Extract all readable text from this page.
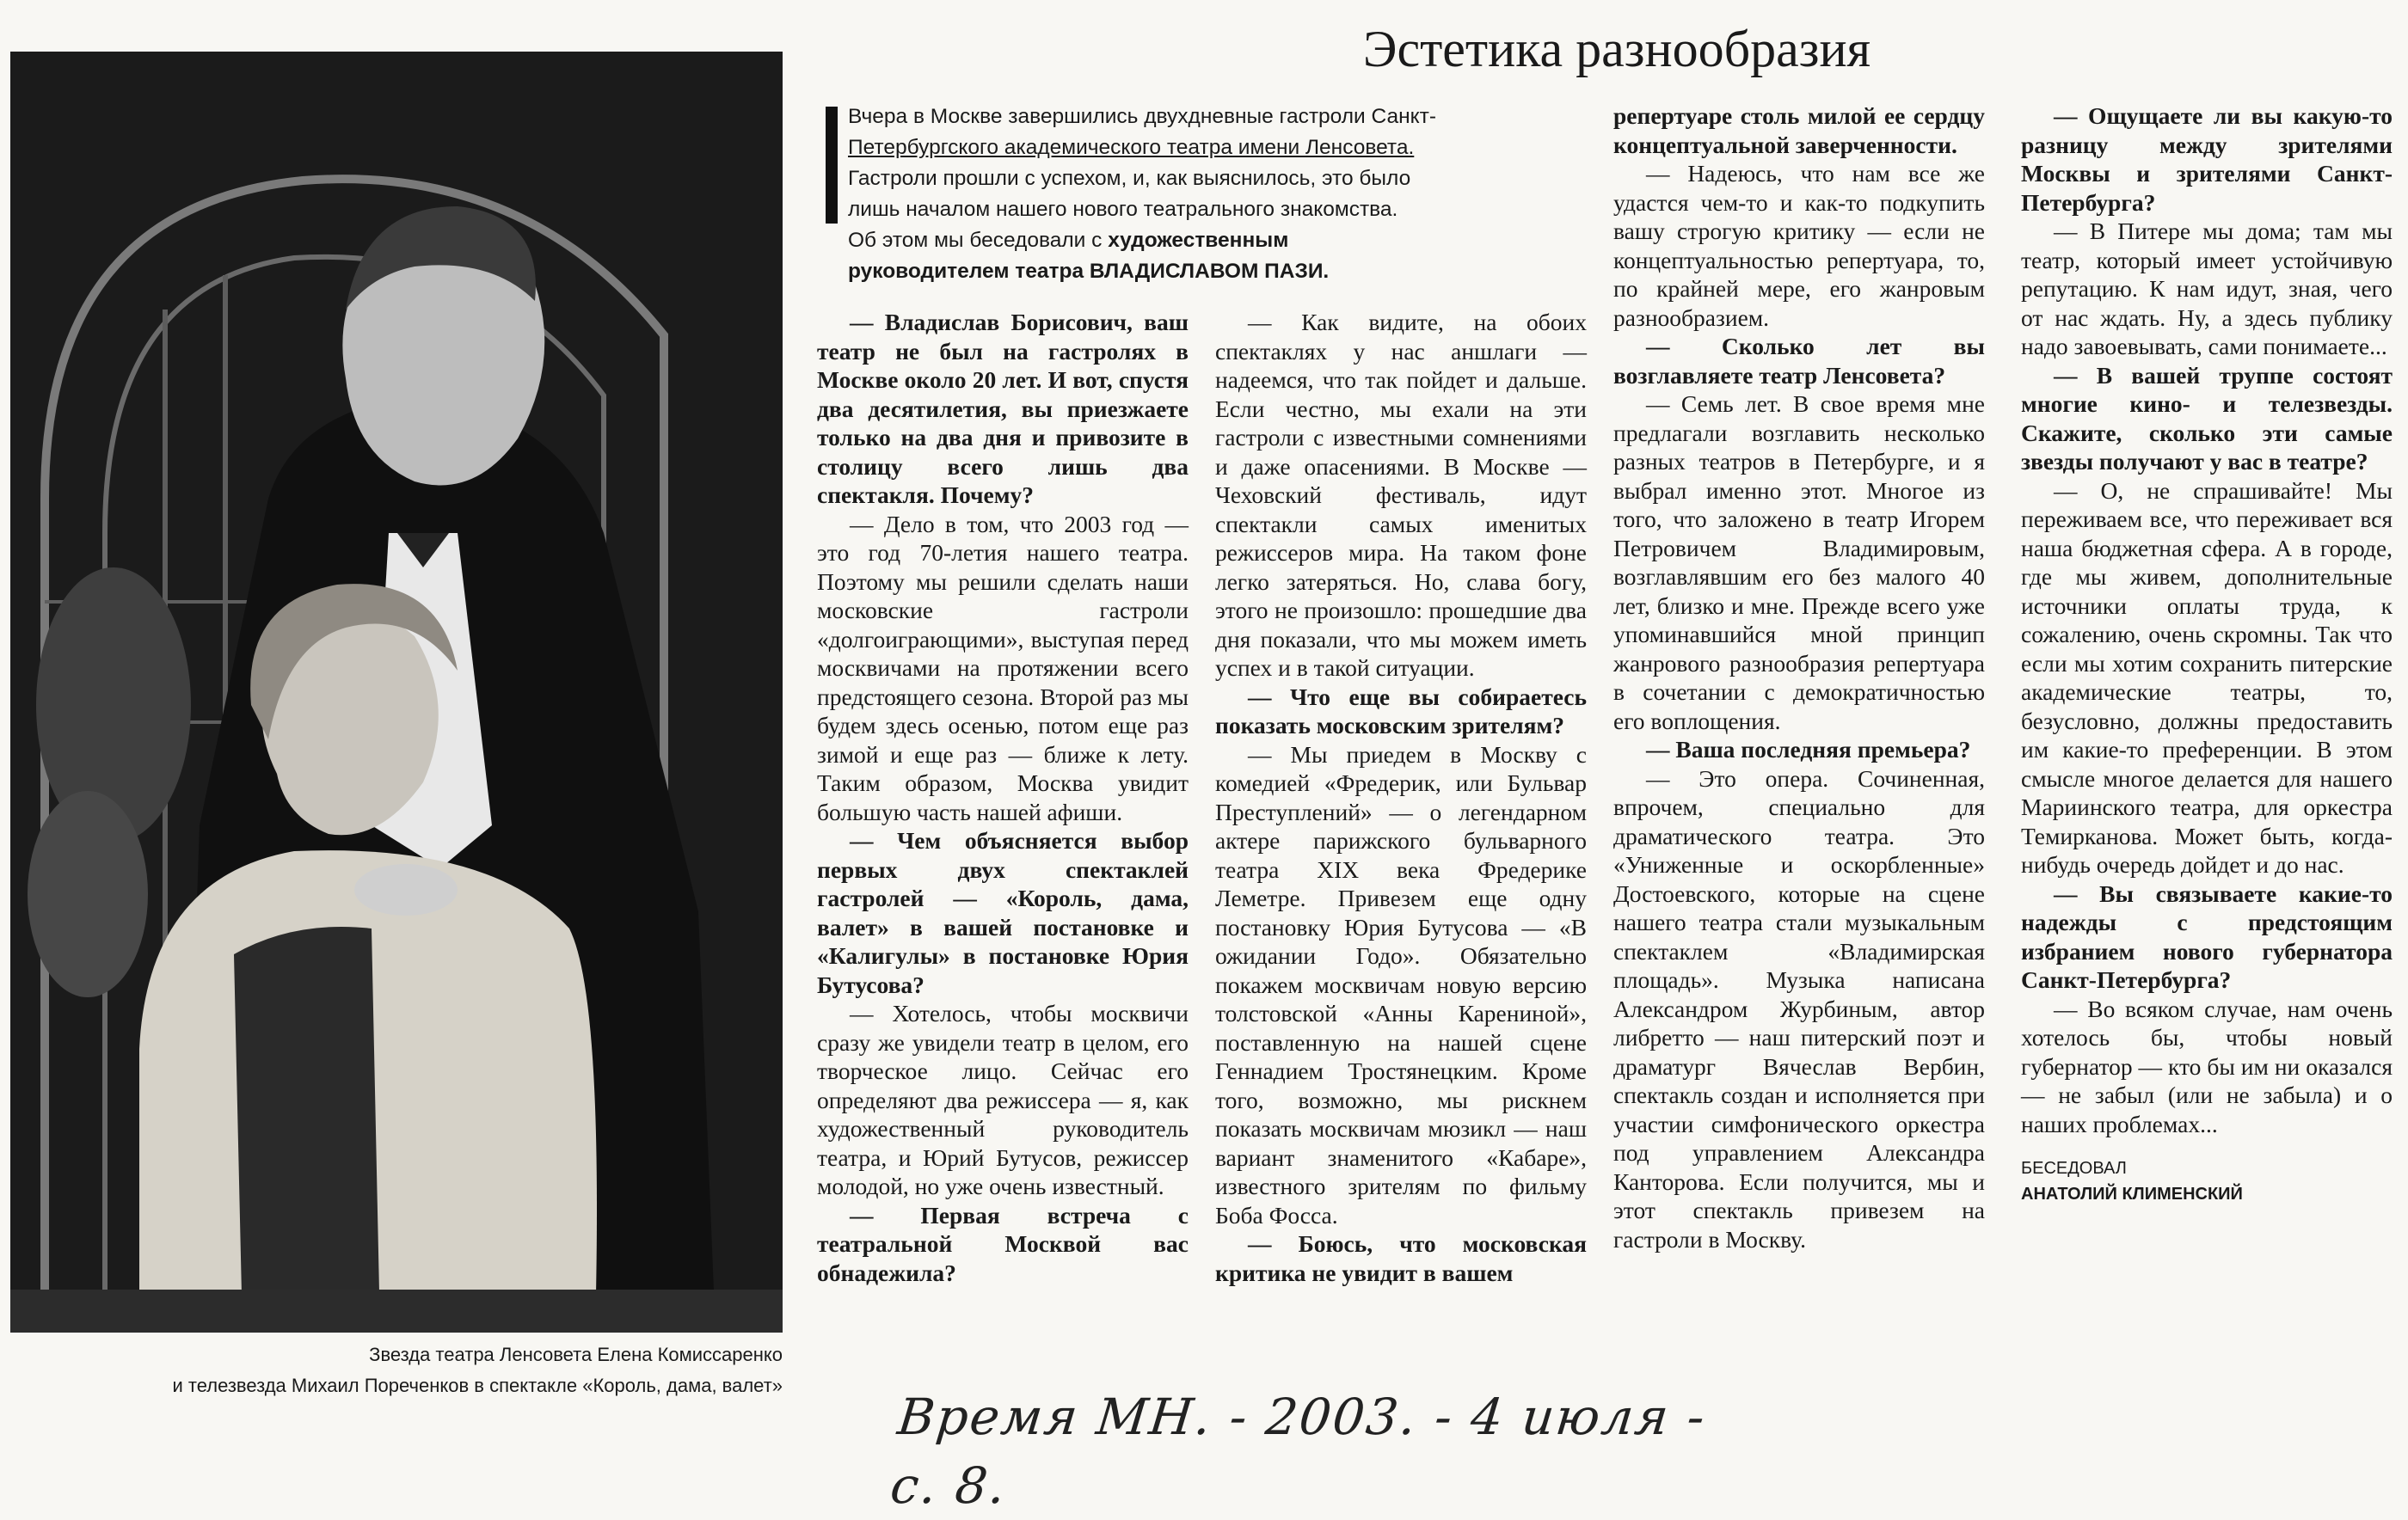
Эстетика разнообразия
Звезда театра Ленсовета Елена Комиссаренко
и телезвезда Михаил Пореченков в спектакле «Король, дама, валет»
Вчера в Москве завершились двухдневные гастроли Санкт-
Петербургского академического театра имени Ленсовета.
Гастроли прошли с успехом, и, как выяснилось, это было
лишь началом нашего нового театрального знакомства.
Об этом мы беседовали с художественным
руководителем театра ВЛАДИСЛАВОМ ПАЗИ.

— Владислав Борисович, ваш театр не был на гастролях в Москве около 20 лет. И вот, спустя два десятилетия, вы приезжаете только на два дня и привозите в столицу всего лишь два спектакля. Почему?

— Дело в том, что 2003 год — это год 70-летия нашего театра. Поэтому мы решили сделать наши московские гастроли «долгоиграющими», выступая перед москвичами на протяжении всего предстоящего сезона. Второй раз мы будем здесь осенью, потом еще раз зимой и еще раз — ближе к лету. Таким образом, Москва увидит большую часть нашей афиши.

— Чем объясняется выбор первых двух спектаклей гастролей — «Король, дама, валет» в вашей постановке и «Калигулы» в постановке Юрия Бутусова?

— Хотелось, чтобы москвичи сразу же увидели театр в целом, его творческое лицо. Сейчас его определяют два режиссера — я, как художественный руководитель театра, и Юрий Бутусов, режиссер молодой, но уже очень известный.

— Первая встреча с театральной Москвой вас обнадежила?

— Как видите, на обоих спектаклях у нас аншлаги — надеемся, что так пойдет и дальше. Если честно, мы ехали на эти гастроли с известными сомнениями и даже опасениями. В Москве — Чеховский фестиваль, идут спектакли самых именитых режиссеров мира. На таком фоне легко затеряться. Но, слава богу, этого не произошло: прошедшие два дня показали, что мы можем иметь успех и в такой ситуации.

— Что еще вы собираетесь показать московским зрителям?

— Мы приедем в Москву с комедией «Фредерик, или Бульвар Преступлений» — о легендарном актере парижского бульварного театра XIX века Фредерике Леметре. Привезем еще одну постановку Юрия Бутусова — «В ожидании Годо». Обязательно покажем москвичам новую версию толстовской «Анны Карениной», поставленную на нашей сцене Геннадием Тростянецким. Кроме того, возможно, мы рискнем показать москвичам мюзикл — наш вариант знаменитого «Кабаре», известного зрителям по фильму Боба Фосса.

— Боюсь, что московская критика не увидит в вашем

репертуаре столь милой ее сердцу концептуальной заверченности.

— Надеюсь, что нам все же удастся чем-то и как-то подкупить вашу строгую критику — если не концептуальностью репертуара, то, по крайней мере, его жанровым разнообразием.

— Сколько лет вы возглавляете театр Ленсовета?

— Семь лет. В свое время мне предлагали возглавить несколько разных театров в Петербурге, и я выбрал именно этот. Многое из того, что заложено в театр Игорем Петровичем Владимировым, возглавлявшим его без малого 40 лет, близко и мне. Прежде всего уже упоминавшийся мной принцип жанрового разнообразия репертуара в сочетании с демократичностью его воплощения.

— Ваша последняя премьера?

— Это опера. Сочиненная, впрочем, специально для драматического театра. Это «Униженные и оскорбленные» Достоевского, которые на сцене нашего театра стали музыкальным спектаклем «Владимирская площадь». Музыка написана Александром Журбиным, автор либретто — наш питерский поэт и драматург Вячеслав Вербин, спектакль создан и исполняется при участии симфонического оркестра под управлением Александра Канторова. Если получится, мы и этот спектакль привезем на гастроли в Москву.

— Ощущаете ли вы какую-то разницу между зрителями Москвы и зрителями Санкт-Петербурга?

— В Питере мы дома; там мы театр, который имеет устойчивую репутацию. К нам идут, зная, чего от нас ждать. Ну, а здесь публику надо завоевывать, сами понимаете...

— В вашей труппе состоят многие кино- и телезвезды. Скажите, сколько эти самые звезды получают у вас в театре?

— О, не спрашивайте! Мы переживаем все, что переживает вся наша бюджетная сфера. А в городе, где мы живем, дополнительные источники оплаты труда, к сожалению, очень скромны. Так что если мы хотим сохранить питерские академические театры, то, безусловно, должны предоставить им какие-то преференции. В этом смысле многое делается для нашего Мариинского театра, для оркестра Темирканова. Может быть, когда-нибудь очередь дойдет и до нас.

— Вы связываете какие-то надежды с предстоящим избранием нового губернатора Санкт-Петербурга?

— Во всяком случае, нам очень хотелось бы, чтобы новый губернатор — кто бы им ни оказался — не забыл (или не забыла) и о наших проблемах...

БЕСЕДОВАЛ
АНАТОЛИЙ КЛИМЕНСКИЙ
Время МН. - 2003. - 4 июля - с. 8.
